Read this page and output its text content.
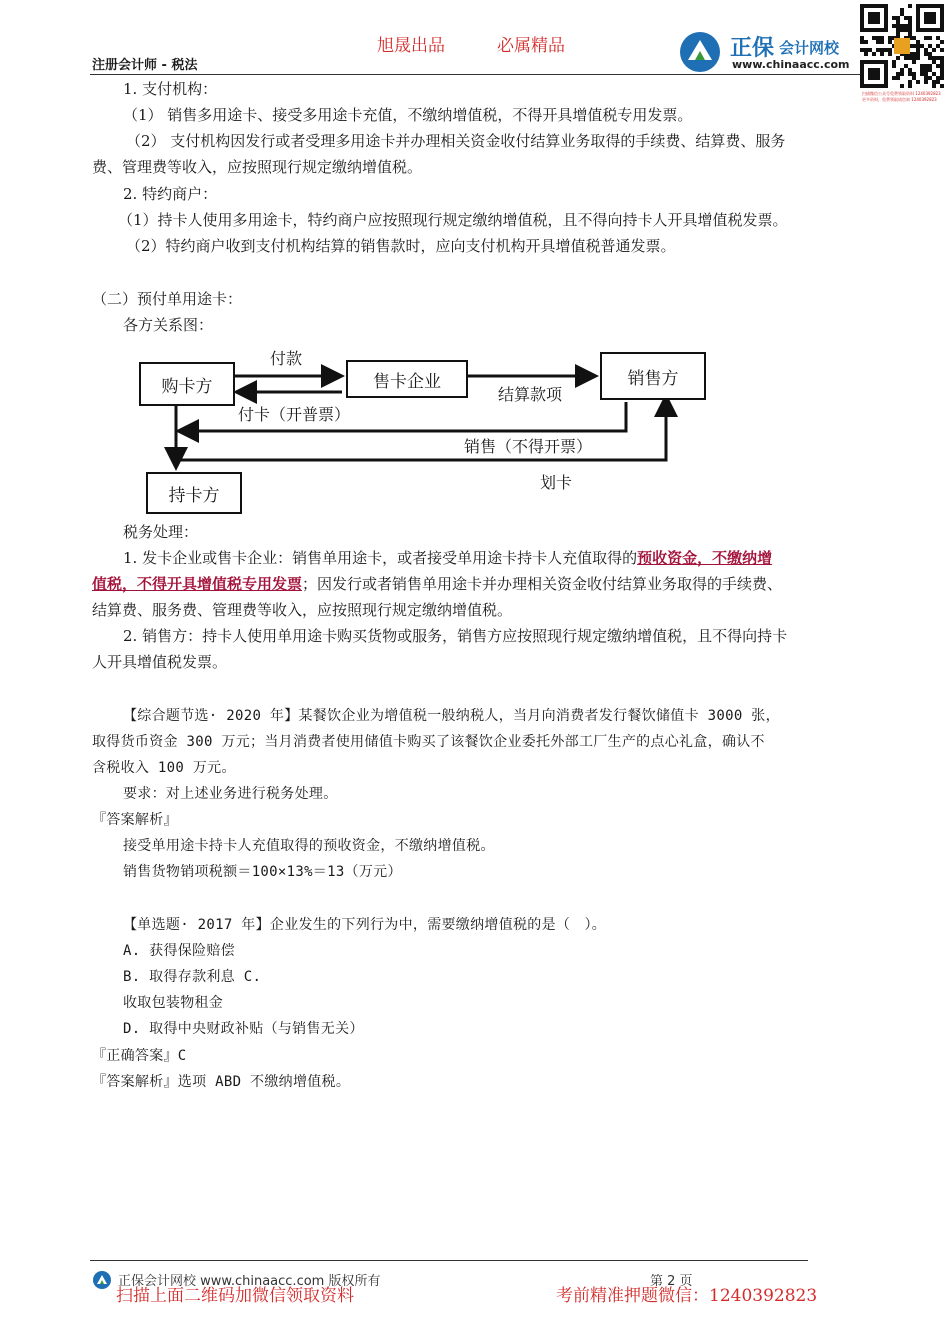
旭晟出品	必属精品
注册会计师 - 税法
正保 会计网校
www.chinaacc.com
扫描微信公众号免费领取资料 1240392823
更多资料，免费领取请咨询 1240392823
1. 支付机构：
（1） 销售多用途卡、接受多用途卡充值，不缴纳增值税，不得开具增值税专用发票。
（2） 支付机构因发行或者受理多用途卡并办理相关资金收付结算业务取得的手续费、结算费、服务
费、管理费等收入，应按照现行规定缴纳增值税。
2. 特约商户：
（1）持卡人使用多用途卡，特约商户应按照现行规定缴纳增值税，且不得向持卡人开具增值税发票。
（2）特约商户收到支付机构结算的销售款时，应向支付机构开具增值税普通发票。
（二）预付单用途卡：
各方关系图：
购卡方	售卡企业	销售方
持卡方
付款
付卡（开普票）
结算款项
销售（不得开票）
划卡
税务处理：
1. 发卡企业或售卡企业：销售单用途卡，或者接受单用途卡持卡人充值取得的预收资金，不缴纳增
值税，不得开具增值税专用发票；因发行或者销售单用途卡并办理相关资金收付结算业务取得的手续费、
结算费、服务费、管理费等收入，应按照现行规定缴纳增值税。
2. 销售方：持卡人使用单用途卡购买货物或服务，销售方应按照现行规定缴纳增值税，且不得向持卡
人开具增值税发票。
【综合题节选· 2020 年】某餐饮企业为增值税一般纳税人，当月向消费者发行餐饮储值卡 3000 张，
取得货币资金 300 万元；当月消费者使用储值卡购买了该餐饮企业委托外部工厂生产的点心礼盒，确认不
含税收入 100 万元。
要求：对上述业务进行税务处理。
『答案解析』
接受单用途卡持卡人充值取得的预收资金，不缴纳增值税。
销售货物销项税额＝100×13%＝13（万元）
【单选题· 2017 年】企业发生的下列行为中，需要缴纳增值税的是（　）。
A. 获得保险赔偿
B. 取得存款利息 C.
收取包装物租金
D. 取得中央财政补贴（与销售无关）
『正确答案』C
『答案解析』选项 ABD 不缴纳增值税。
正保会计网校 www.chinaacc.com 版权所有	第 2 页
扫描上面二维码加微信领取资料	考前精准押题微信：1240392823
